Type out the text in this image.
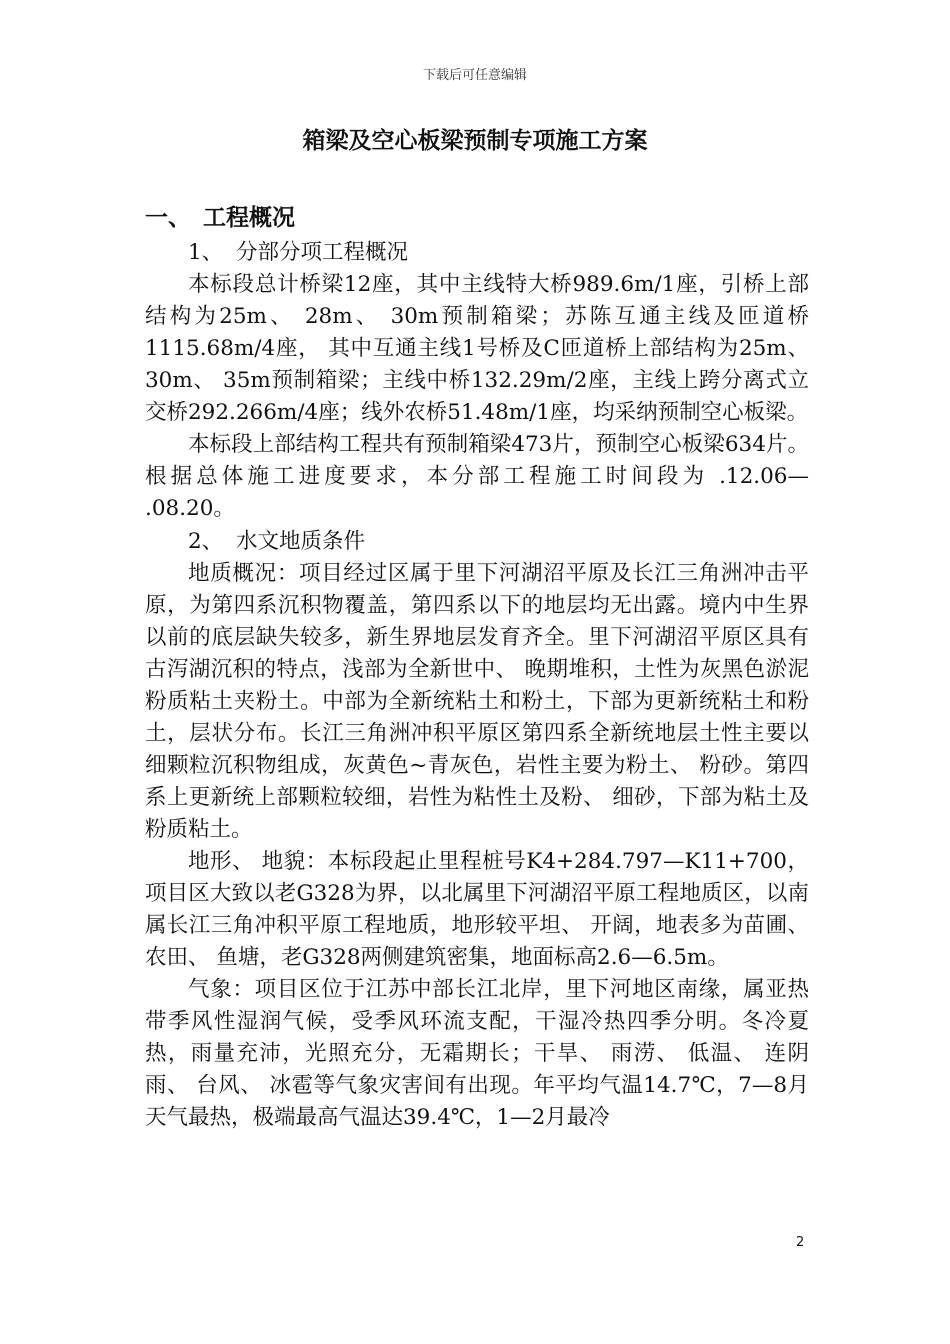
下载后可任意编辑
箱梁及空心板梁预制专项施工方案
一、 工程概况
1、 分部分项工程概况

本标段总计桥梁12座，其中主线特大桥989.6m/1座，引桥上部结构为25m、 28m、 30m预制箱梁；苏陈互通主线及匝道桥1115.68m/4座， 其中互通主线1号桥及C匝道桥上部结构为25m、 30m、 35m预制箱梁；主线中桥132.29m/2座，主线上跨分离式立交桥292.266m/4座；线外农桥51.48m/1座，均采纳预制空心板梁。

本标段上部结构工程共有预制箱梁473片，预制空心板梁634片。根据总体施工进度要求，本分部工程施工时间段为 .12.06— .08.20。

2、 水文地质条件

地质概况：项目经过区属于里下河湖沼平原及长江三角洲冲击平原，为第四系沉积物覆盖，第四系以下的地层均无出露。境内中生界以前的底层缺失较多，新生界地层发育齐全。里下河湖沼平原区具有古泻湖沉积的特点，浅部为全新世中、 晚期堆积，土性为灰黑色淤泥粉质粘土夹粉土。中部为全新统粘土和粉土，下部为更新统粘土和粉土，层状分布。长江三角洲冲积平原区第四系全新统地层土性主要以细颗粒沉积物组成，灰黄色~青灰色，岩性主要为粉土、 粉砂。第四系上更新统上部颗粒较细，岩性为粘性土及粉、 细砂，下部为粘土及粉质粘土。

地形、 地貌：本标段起止里程桩号K4+284.797—K11+700，项目区大致以老G328为界，以北属里下河湖沼平原工程地质区，以南属长江三角冲积平原工程地质，地形较平坦、 开阔，地表多为苗圃、 农田、 鱼塘，老G328两侧建筑密集，地面标高2.6—6.5m。

气象：项目区位于江苏中部长江北岸，里下河地区南缘，属亚热带季风性湿润气候，受季风环流支配，干湿冷热四季分明。冬冷夏热，雨量充沛，光照充分，无霜期长；干旱、 雨涝、 低温、 连阴雨、 台风、 冰雹等气象灾害间有出现。年平均气温14.7℃，7—8月天气最热，极端最高气温达39.4℃，1—2月最冷

2
